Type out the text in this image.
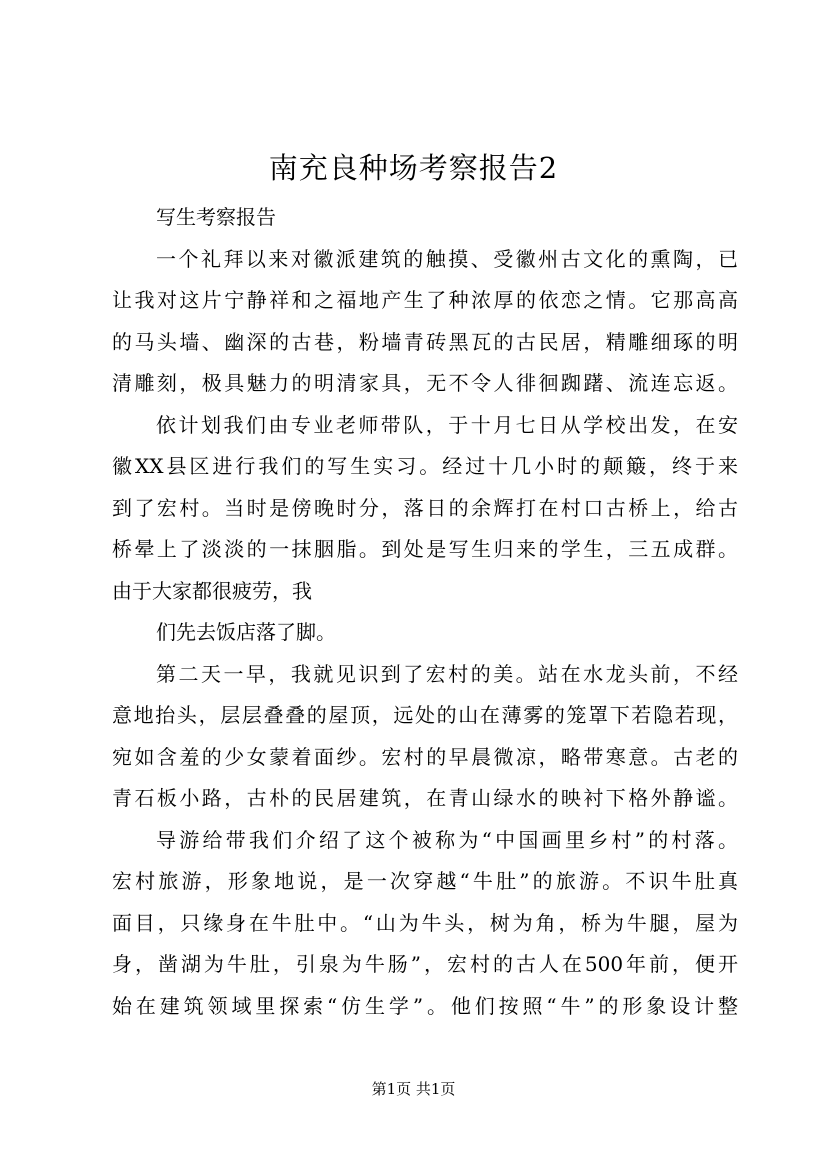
南充良种场考察报告2
写生考察报告
一个礼拜以来对徽派建筑的触摸、受徽州古文化的熏陶，已
让我对这片宁静祥和之福地产生了种浓厚的依恋之情。它那高高
的马头墙、幽深的古巷，粉墙青砖黑瓦的古民居，精雕细琢的明
清雕刻，极具魅力的明清家具，无不令人徘徊踟躇、流连忘返。
依计划我们由专业老师带队，于十月七日从学校出发，在安
徽XX县区进行我们的写生实习。经过十几小时的颠簸，终于来
到了宏村。当时是傍晚时分，落日的余辉打在村口古桥上，给古
桥晕上了淡淡的一抹胭脂。到处是写生归来的学生，三五成群。
由于大家都很疲劳，我
们先去饭店落了脚。
第二天一早，我就见识到了宏村的美。站在水龙头前，不经
意地抬头，层层叠叠的屋顶，远处的山在薄雾的笼罩下若隐若现，
宛如含羞的少女蒙着面纱。宏村的早晨微凉，略带寒意。古老的
青石板小路，古朴的民居建筑，在青山绿水的映衬下格外静谧。
导游给带我们介绍了这个被称为“中国画里乡村”的村落。
宏村旅游，形象地说，是一次穿越“牛肚”的旅游。不识牛肚真
面目，只缘身在牛肚中。“山为牛头，树为角，桥为牛腿，屋为
身，凿湖为牛肚，引泉为牛肠”，宏村的古人在500年前，便开
始在建筑领域里探索“仿生学”。他们按照“牛”的形象设计整
第1页 共1页
